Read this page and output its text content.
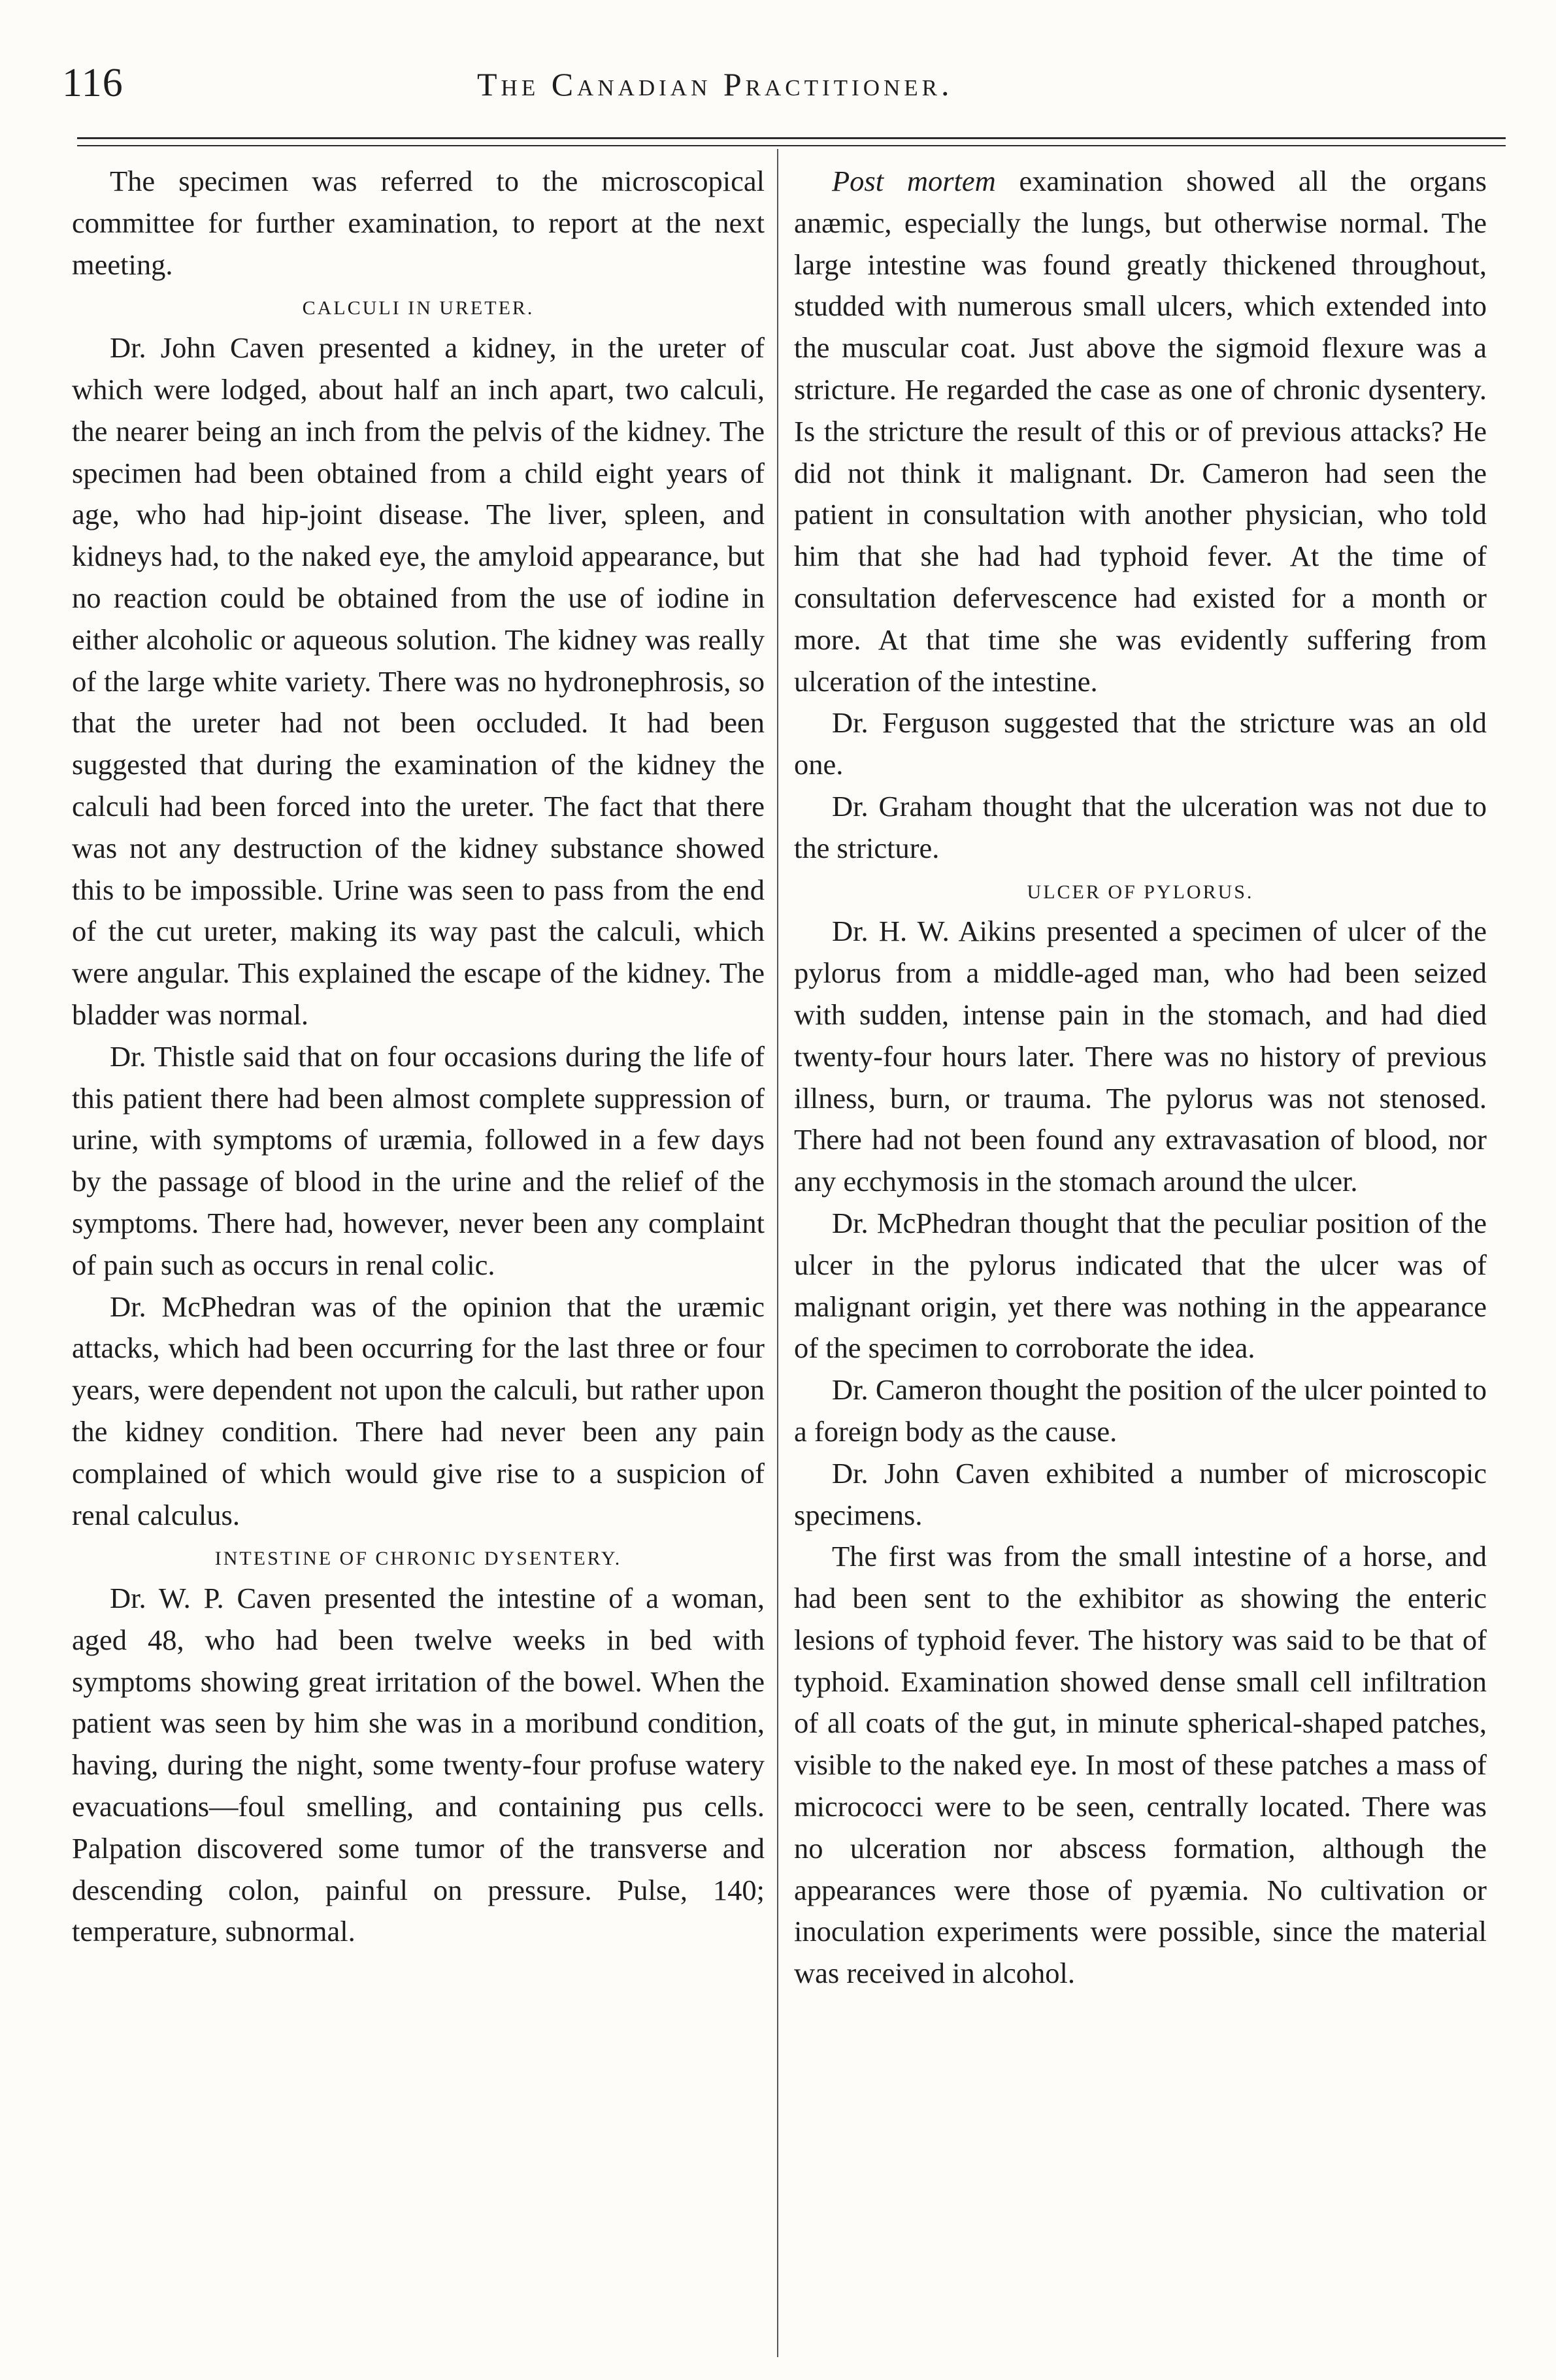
116	The Canadian Practitioner.

The specimen was referred to the microscopical committee for further examination, to report at the next meeting.

CALCULI IN URETER.

Dr. John Caven presented a kidney, in the ureter of which were lodged, about half an inch apart, two calculi, the nearer being an inch from the pelvis of the kidney. The specimen had been obtained from a child eight years of age, who had hip-joint disease. The liver, spleen, and kidneys had, to the naked eye, the amyloid appearance, but no reaction could be obtained from the use of iodine in either alcoholic or aqueous solution. The kidney was really of the large white variety. There was no hydronephrosis, so that the ureter had not been occluded. It had been suggested that during the examination of the kidney the calculi had been forced into the ureter. The fact that there was not any destruction of the kidney substance showed this to be impossible. Urine was seen to pass from the end of the cut ureter, making its way past the calculi, which were angular. This explained the escape of the kidney. The bladder was normal.

Dr. Thistle said that on four occasions during the life of this patient there had been almost complete suppression of urine, with symptoms of uræmia, followed in a few days by the passage of blood in the urine and the relief of the symptoms. There had, however, never been any complaint of pain such as occurs in renal colic.

Dr. McPhedran was of the opinion that the uræmic attacks, which had been occurring for the last three or four years, were dependent not upon the calculi, but rather upon the kidney condition. There had never been any pain complained of which would give rise to a suspicion of renal calculus.

INTESTINE OF CHRONIC DYSENTERY.

Dr. W. P. Caven presented the intestine of a woman, aged 48, who had been twelve weeks in bed with symptoms showing great irritation of the bowel. When the patient was seen by him she was in a moribund condition, having, during the night, some twenty-four profuse watery evacuations—foul smelling, and containing pus cells. Palpation discovered some tumor of the transverse and descending colon, painful on pressure. Pulse, 140; temperature, subnormal.

Post mortem examination showed all the organs anæmic, especially the lungs, but otherwise normal. The large intestine was found greatly thickened throughout, studded with numerous small ulcers, which extended into the muscular coat. Just above the sigmoid flexure was a stricture. He regarded the case as one of chronic dysentery. Is the stricture the result of this or of previous attacks? He did not think it malignant. Dr. Cameron had seen the patient in consultation with another physician, who told him that she had had typhoid fever. At the time of consultation defervescence had existed for a month or more. At that time she was evidently suffering from ulceration of the intestine.

Dr. Ferguson suggested that the stricture was an old one.

Dr. Graham thought that the ulceration was not due to the stricture.

ULCER OF PYLORUS.

Dr. H. W. Aikins presented a specimen of ulcer of the pylorus from a middle-aged man, who had been seized with sudden, intense pain in the stomach, and had died twenty-four hours later. There was no history of previous illness, burn, or trauma. The pylorus was not stenosed. There had not been found any extravasation of blood, nor any ecchymosis in the stomach around the ulcer.

Dr. McPhedran thought that the peculiar position of the ulcer in the pylorus indicated that the ulcer was of malignant origin, yet there was nothing in the appearance of the specimen to corroborate the idea.

Dr. Cameron thought the position of the ulcer pointed to a foreign body as the cause.

Dr. John Caven exhibited a number of microscopic specimens.

The first was from the small intestine of a horse, and had been sent to the exhibitor as showing the enteric lesions of typhoid fever. The history was said to be that of typhoid. Examination showed dense small cell infiltration of all coats of the gut, in minute spherical-shaped patches, visible to the naked eye. In most of these patches a mass of micrococci were to be seen, centrally located. There was no ulceration nor abscess formation, although the appearances were those of pyæmia. No cultivation or inoculation experiments were possible, since the material was received in alcohol.
